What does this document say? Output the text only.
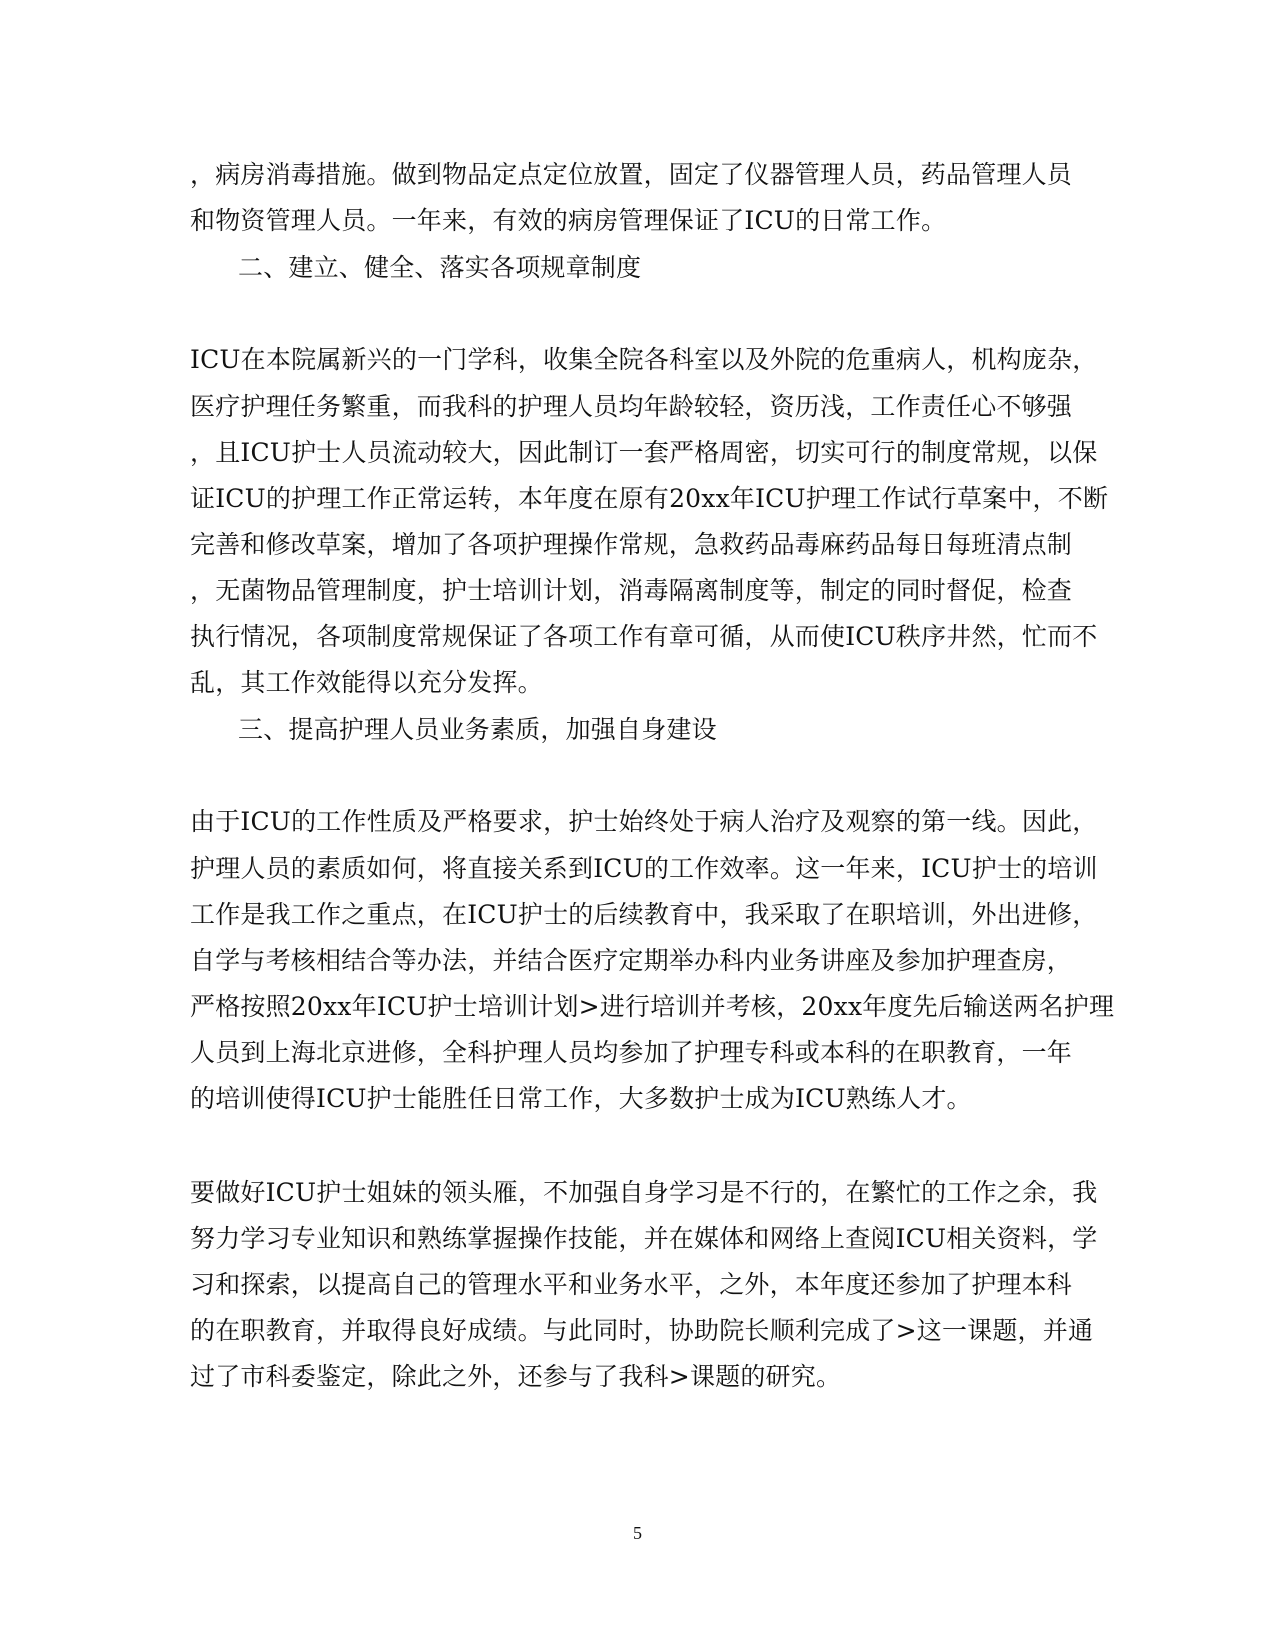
，病房消毒措施。做到物品定点定位放置，固定了仪器管理人员，药品管理人员
和物资管理人员。一年来，有效的病房管理保证了ICU的日常工作。
二、建立、健全、落实各项规章制度
ICU在本院属新兴的一门学科，收集全院各科室以及外院的危重病人，机构庞杂，
医疗护理任务繁重，而我科的护理人员均年龄较轻，资历浅，工作责任心不够强
，且ICU护士人员流动较大，因此制订一套严格周密，切实可行的制度常规，以保
证ICU的护理工作正常运转，本年度在原有20xx年ICU护理工作试行草案中，不断
完善和修改草案，增加了各项护理操作常规，急救药品毒麻药品每日每班清点制
，无菌物品管理制度，护士培训计划，消毒隔离制度等，制定的同时督促，检查
执行情况，各项制度常规保证了各项工作有章可循，从而使ICU秩序井然，忙而不
乱，其工作效能得以充分发挥。
三、提高护理人员业务素质，加强自身建设
由于ICU的工作性质及严格要求，护士始终处于病人治疗及观察的第一线。因此，
护理人员的素质如何，将直接关系到ICU的工作效率。这一年来，ICU护士的培训
工作是我工作之重点，在ICU护士的后续教育中，我采取了在职培训，外出进修，
自学与考核相结合等办法，并结合医疗定期举办科内业务讲座及参加护理查房，
严格按照20xx年ICU护士培训计划>进行培训并考核，20xx年度先后输送两名护理
人员到上海北京进修，全科护理人员均参加了护理专科或本科的在职教育，一年
的培训使得ICU护士能胜任日常工作，大多数护士成为ICU熟练人才。
要做好ICU护士姐妹的领头雁，不加强自身学习是不行的，在繁忙的工作之余，我
努力学习专业知识和熟练掌握操作技能，并在媒体和网络上查阅ICU相关资料，学
习和探索，以提高自己的管理水平和业务水平，之外，本年度还参加了护理本科
的在职教育，并取得良好成绩。与此同时，协助院长顺利完成了>这一课题，并通
过了市科委鉴定，除此之外，还参与了我科>课题的研究。
5
